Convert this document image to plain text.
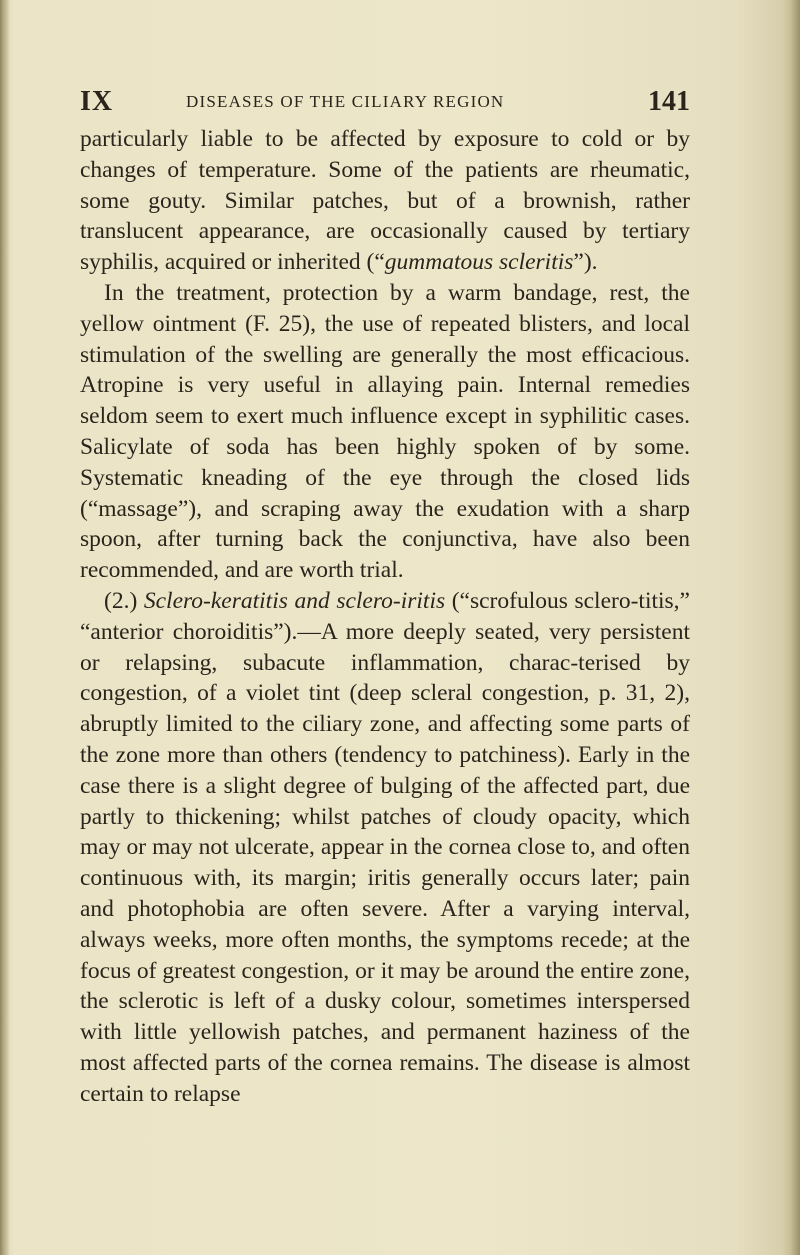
IX	DISEASES OF THE CILIARY REGION	141

particularly liable to be affected by exposure to cold or by changes of temperature. Some of the patients are rheumatic, some gouty. Similar patches, but of a brownish, rather translucent appearance, are occasionally caused by tertiary syphilis, acquired or inherited (“gummatous scleritis”).

In the treatment, protection by a warm bandage, rest, the yellow ointment (F. 25), the use of repeated blisters, and local stimulation of the swelling are generally the most efficacious. Atropine is very useful in allaying pain. Internal remedies seldom seem to exert much influence except in syphilitic cases. Salicylate of soda has been highly spoken of by some. Systematic kneading of the eye through the closed lids (“massage”), and scraping away the exudation with a sharp spoon, after turning back the conjunctiva, have also been recommended, and are worth trial.

(2.) Sclero-keratitis and sclero-iritis (“scrofulous sclero-titis,” “anterior choroiditis”).—A more deeply seated, very persistent or relapsing, subacute inflammation, charac-terised by congestion, of a violet tint (deep scleral congestion, p. 31, 2), abruptly limited to the ciliary zone, and affecting some parts of the zone more than others (tendency to patchiness). Early in the case there is a slight degree of bulging of the affected part, due partly to thickening; whilst patches of cloudy opacity, which may or may not ulcerate, appear in the cornea close to, and often continuous with, its margin; iritis generally occurs later; pain and photophobia are often severe. After a varying interval, always weeks, more often months, the symptoms recede; at the focus of greatest congestion, or it may be around the entire zone, the sclerotic is left of a dusky colour, sometimes interspersed with little yellowish patches, and permanent haziness of the most affected parts of the cornea remains. The disease is almost certain to relapse
